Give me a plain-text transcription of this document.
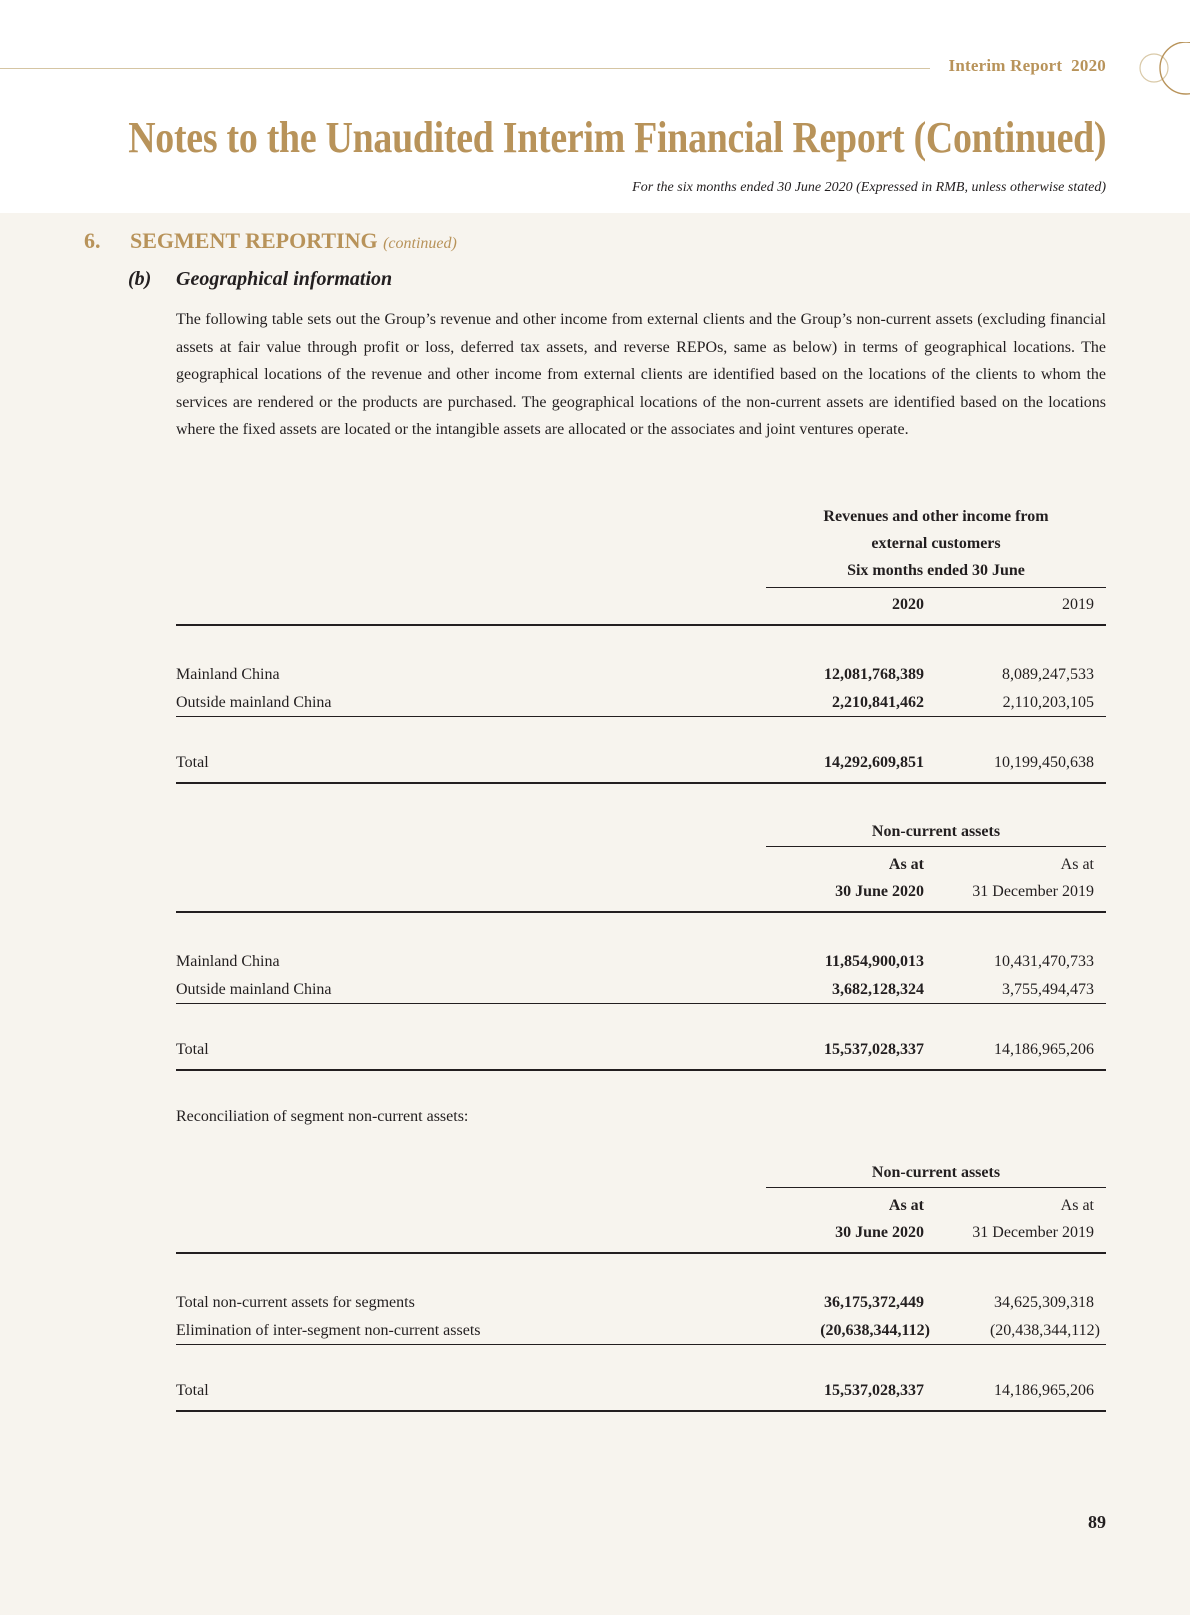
Interim Report  2020
Notes to the Unaudited Interim Financial Report (Continued)
For the six months ended 30 June 2020 (Expressed in RMB, unless otherwise stated)
6. SEGMENT REPORTING (continued)
(b) Geographical information

The following table sets out the Group’s revenue and other income from external clients and the Group’s non-current assets (excluding financial assets at fair value through profit or loss, deferred tax assets, and reverse REPOs, same as below) in terms of geographical locations. The geographical locations of the revenue and other income from external clients are identified based on the locations of the clients to whom the services are rendered or the products are purchased. The geographical locations of the non-current assets are identified based on the locations where the fixed assets are located or the intangible assets are allocated or the associates and joint ventures operate.

Revenues and other income from
external customers
Six months ended 30 June
2020	2019
Mainland China	12,081,768,389	8,089,247,533
Outside mainland China	2,210,841,462	2,110,203,105
Total	14,292,609,851	10,199,450,638
Non-current assets
As at	As at
30 June 2020	31 December 2019
Mainland China	11,854,900,013	10,431,470,733
Outside mainland China	3,682,128,324	3,755,494,473
Total	15,537,028,337	14,186,965,206
Reconciliation of segment non-current assets:
Non-current assets
As at	As at
30 June 2020	31 December 2019
Total non-current assets for segments	36,175,372,449	34,625,309,318
Elimination of inter-segment non-current assets	(20,638,344,112)	(20,438,344,112)
Total	15,537,028,337	14,186,965,206
89
